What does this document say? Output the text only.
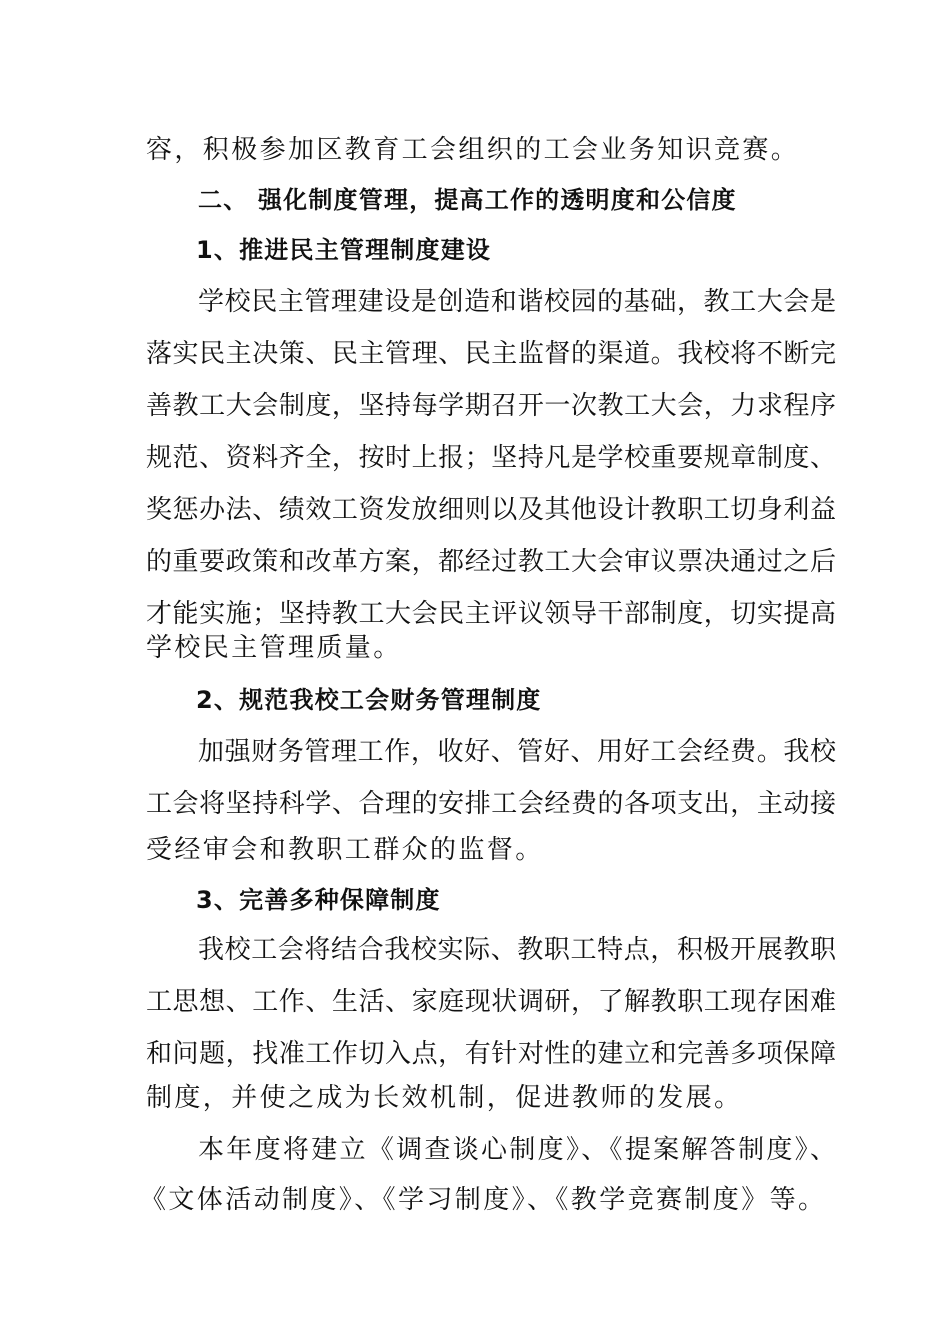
容，积极参加区教育工会组织的工会业务知识竞赛。
二、 强化制度管理，提高工作的透明度和公信度
1、推进民主管理制度建设
学校民主管理建设是创造和谐校园的基础，教工大会是
落实民主决策、民主管理、民主监督的渠道。我校将不断完
善教工大会制度，坚持每学期召开一次教工大会，力求程序
规范、资料齐全，按时上报；坚持凡是学校重要规章制度、
奖惩办法、绩效工资发放细则以及其他设计教职工切身利益
的重要政策和改革方案，都经过教工大会审议票决通过之后
才能实施；坚持教工大会民主评议领导干部制度，切实提高
学校民主管理质量。
2、规范我校工会财务管理制度
加强财务管理工作，收好、管好、用好工会经费。我校
工会将坚持科学、合理的安排工会经费的各项支出，主动接
受经审会和教职工群众的监督。
3、完善多种保障制度
我校工会将结合我校实际、教职工特点，积极开展教职
工思想、工作、生活、家庭现状调研，了解教职工现存困难
和问题，找准工作切入点，有针对性的建立和完善多项保障
制度，并使之成为长效机制，促进教师的发展。
本年度将建立《调查谈心制度》、《提案解答制度》、
《文体活动制度》、《学习制度》、《教学竞赛制度》等。
